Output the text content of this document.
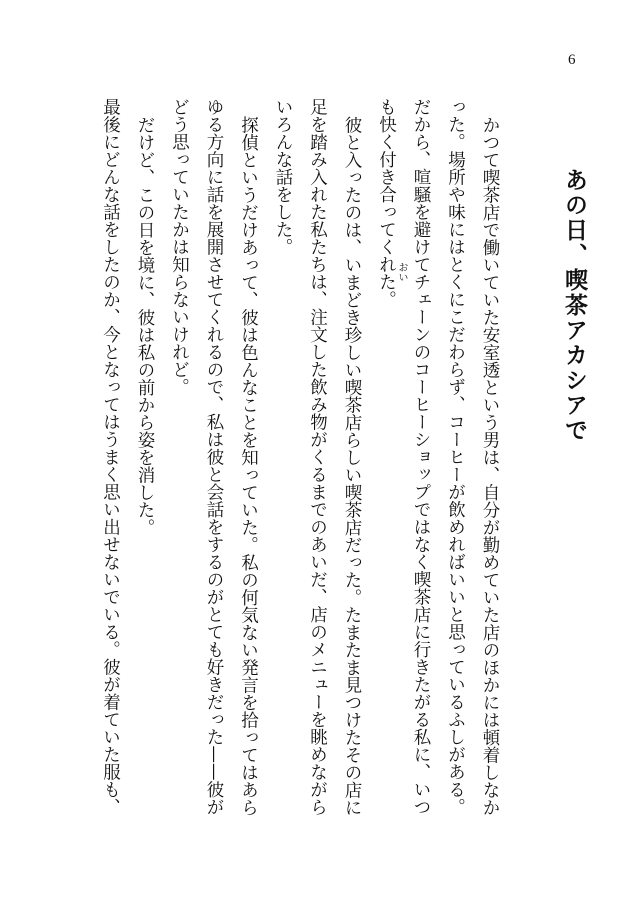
6
あの日、喫茶アカシアで

かつて喫茶店で働いていた安室透という男は、自分が勤めていた店のほかには頓着しなかった。場所や味にはとくにこだわらず、コーヒーが飲めればいいと思っているふしがある。だから、喧騒を避けてチェーンのコーヒーショップではなく喫茶店に行きたがる私に、いつも快く付き合ってくれた。

彼と入ったのは、いまどき珍しい喫茶店らしい喫茶店だった。たまたま見つけたその店に足を踏み入れた私たちは、注文した飲み物がくるまでのあいだ、店のメニューを眺めながらいろんな話をした。

探偵というだけあって、彼は色んなことを知っていた。私の何気ない発言を拾ってはあらゆる方向に話を展開させてくれるので、私は彼と会話をするのがとても好きだった——彼がどう思っていたかは知らないけれど。

だけど、この日を境に、彼は私の前から姿を消した。

最後にどんな話をしたのか、今となってはうまく思い出せないでいる。彼が着ていた服も、	おい
